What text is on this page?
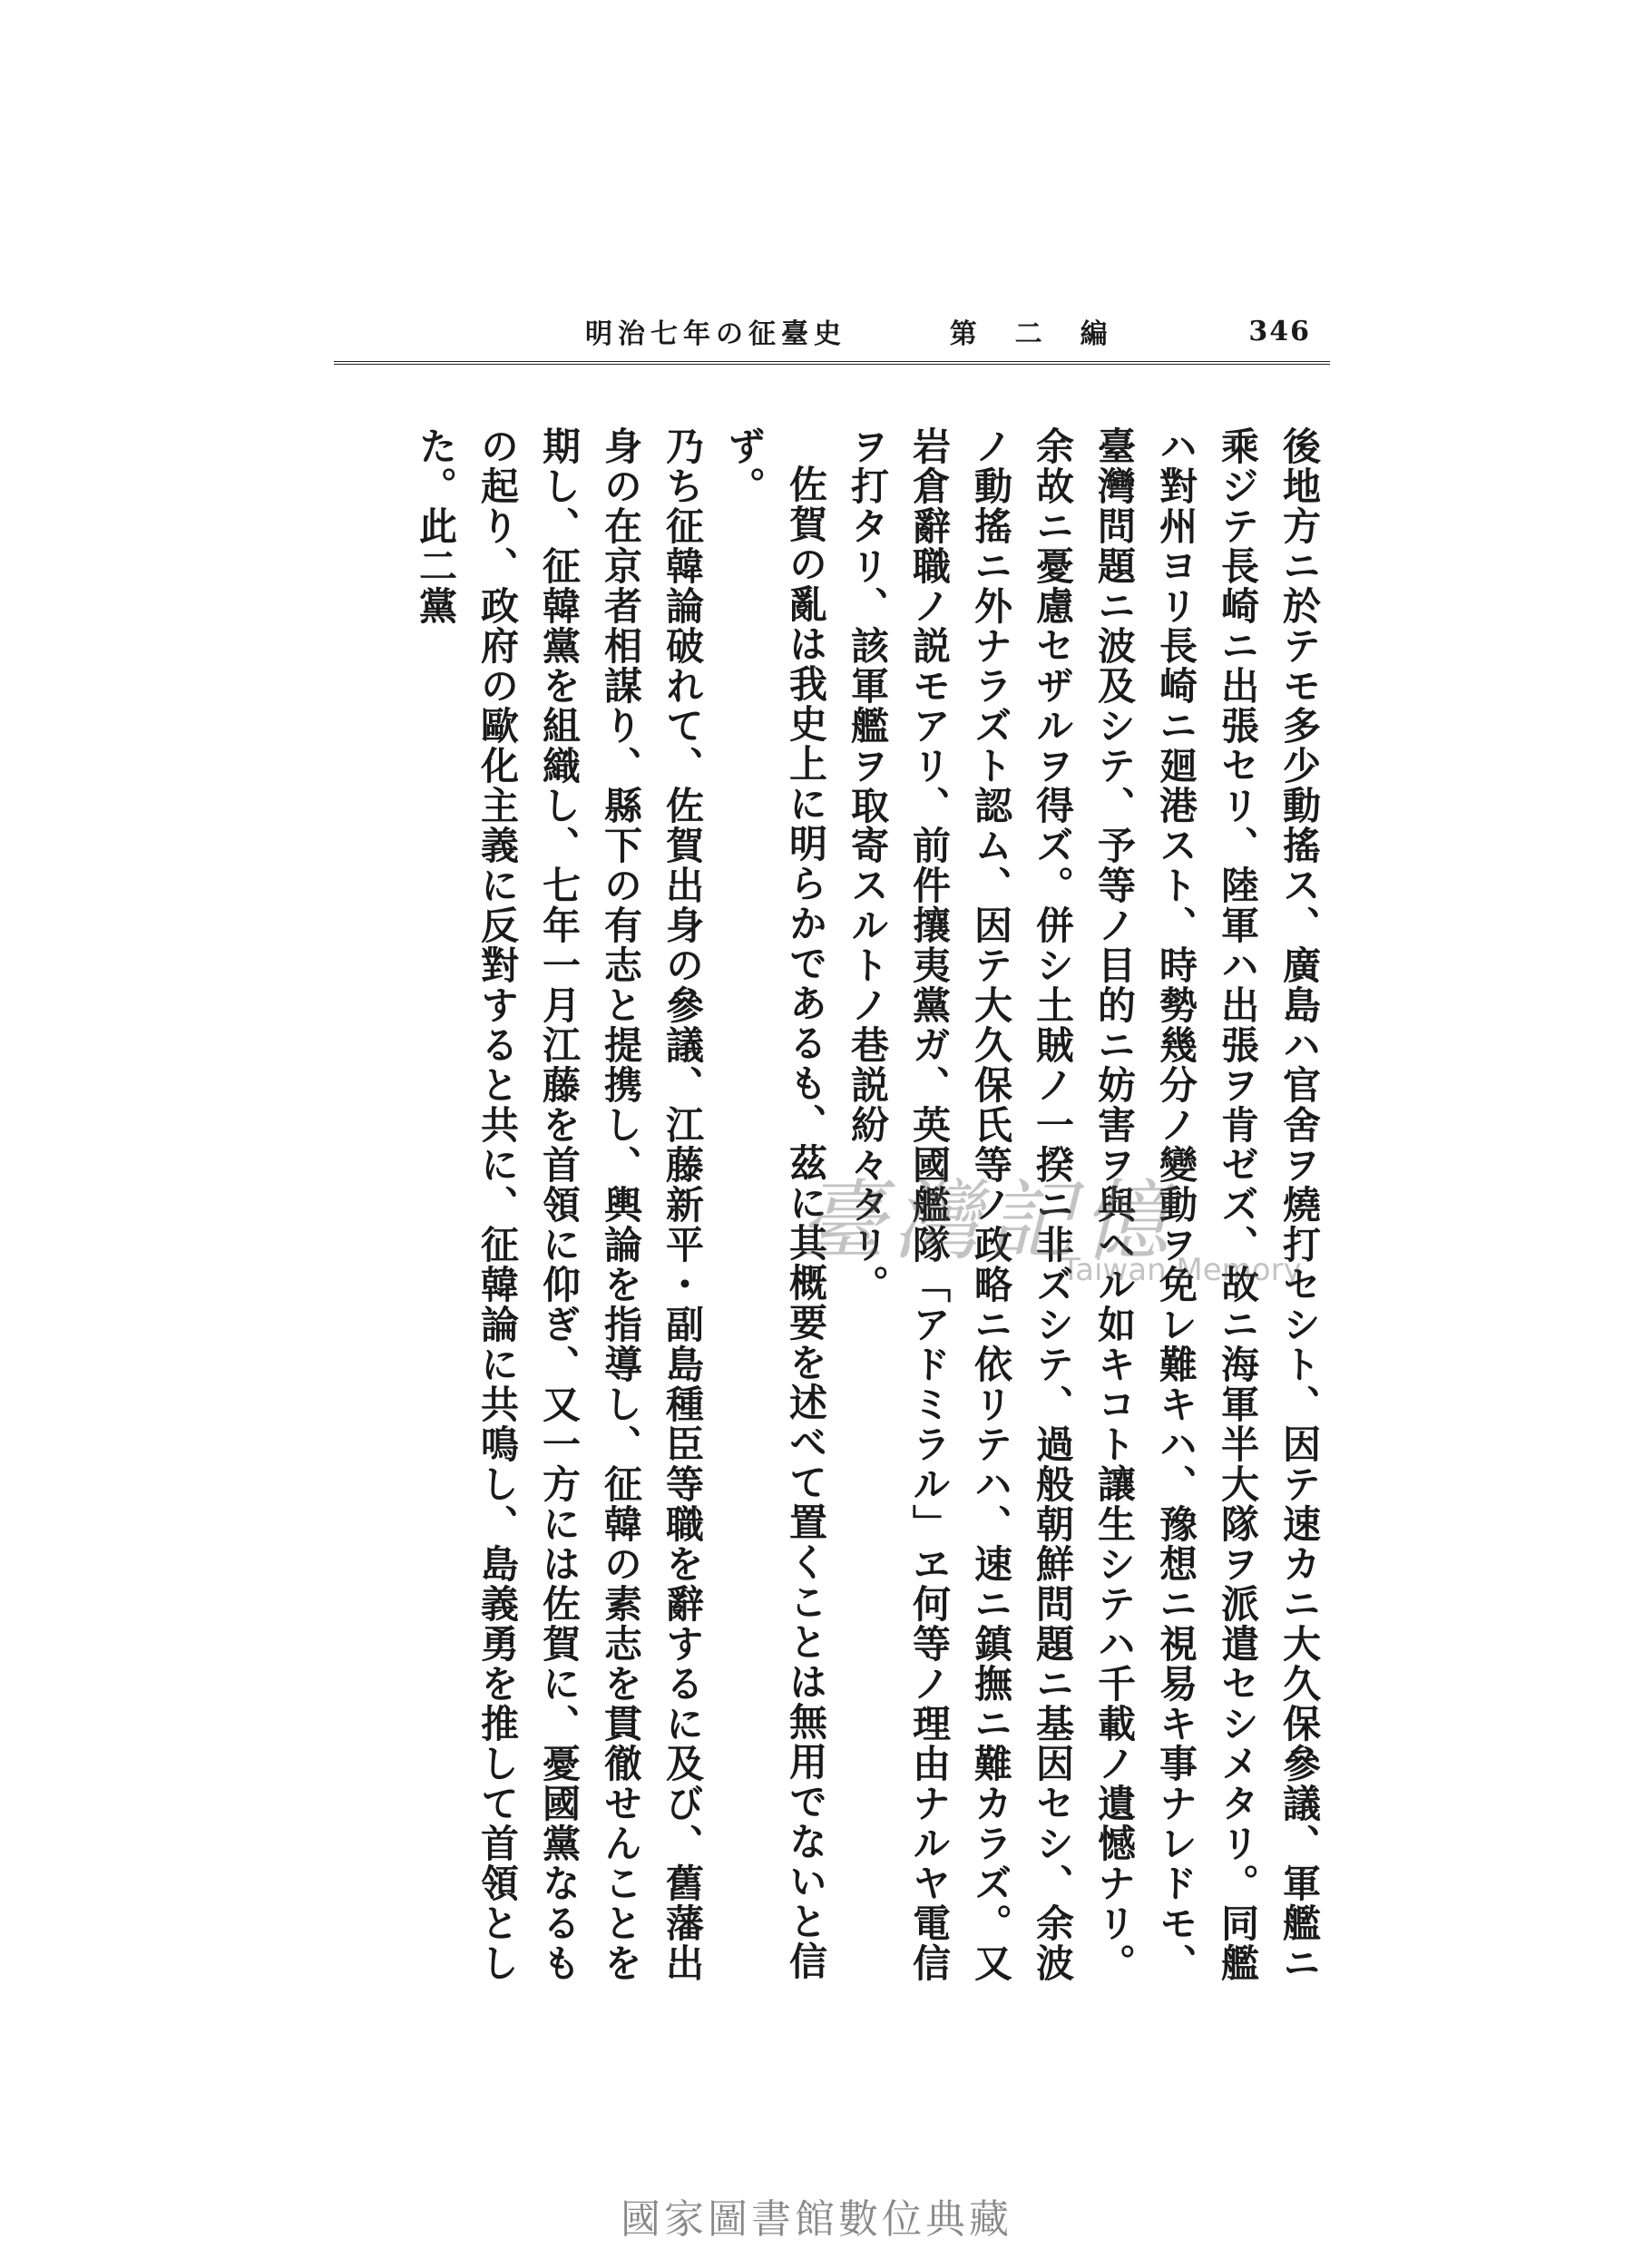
明治七年の征臺史	第二編	346

後地方ニ於テモ多少動搖ス、廣島ハ官舍ヲ燒打セシト、因テ速カニ大久保參議、軍艦ニ乘ジテ長崎ニ出張セリ、陸軍ハ出張ヲ肯ゼズ、故ニ海軍半大隊ヲ派遣セシメタリ。同艦ハ對州ヨリ長崎ニ廻港スト、時勢幾分ノ變動ヲ免レ難キハ、豫想ニ視易キ事ナレドモ、臺灣問題ニ波及シテ、予等ノ目的ニ妨害ヲ與ヘル如キコト讓生シテハ千載ノ遺憾ナリ。余故ニ憂慮セザルヲ得ズ。併シ土賊ノ一揆ニ非ズシテ、過般朝鮮問題ニ基因セシ、余波ノ動搖ニ外ナラズト認ム、因テ大久保氏等ノ政略ニ依リテハ、速ニ鎮撫ニ難カラズ。又岩倉辭職ノ説モアリ、前件攘夷黨ガ、英國艦隊「アドミラル」ヱ何等ノ理由ナルヤ電信ヲ打タリ、該軍艦ヲ取寄スルトノ巷説紛々タリ。

佐賀の亂は我史上に明らかであるも、茲に其概要を述べて置くことは無用でないと信ず。

乃ち征韓論破れて、佐賀出身の參議、江藤新平・副島種臣等職を辭するに及び、舊藩出身の在京者相謀り、縣下の有志と提携し、輿論を指導し、征韓の素志を貫徹せんことを期し、征韓黨を組織し、七年一月江藤を首領に仰ぎ、又一方には佐賀に、憂國黨なるもの起り、政府の歐化主義に反對すると共に、征韓論に共鳴し、島義勇を推して首領とした。此二黨

臺灣記憶
Taiwan Memory
國家圖書館數位典藏
